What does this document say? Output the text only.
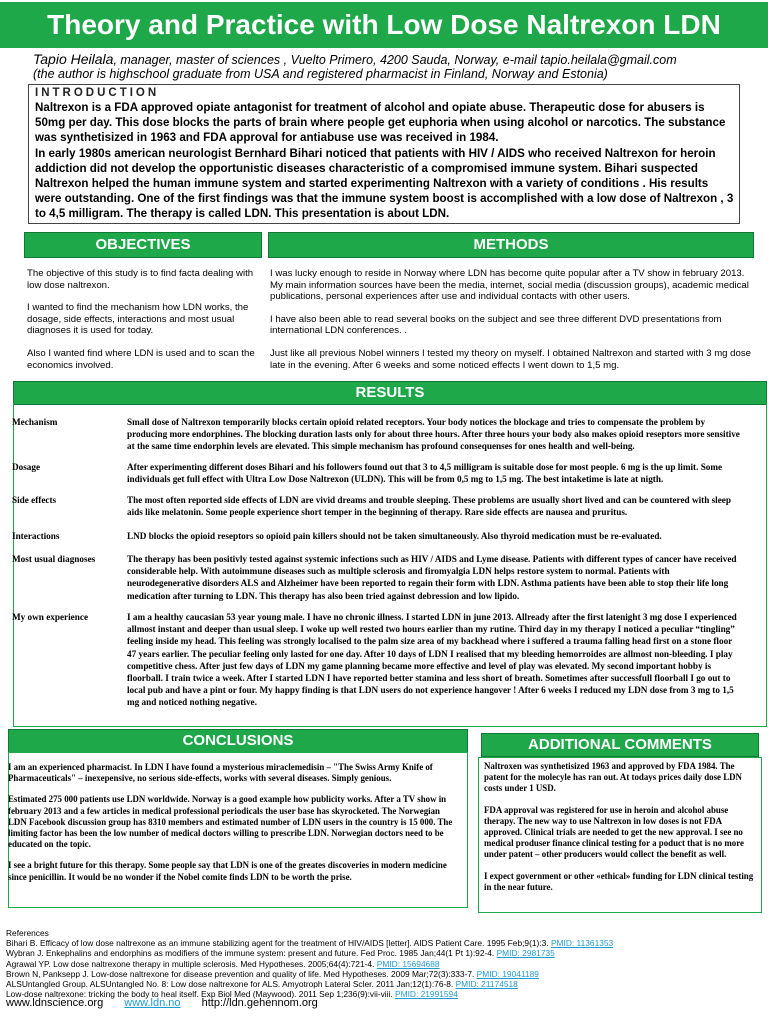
Theory and Practice with Low Dose Naltrexon LDN
Tapio Heilala, manager, master of sciences , Vuelto Primero, 4200 Sauda, Norway, e-mail tapio.heilala@gmail.com
(the author is highschool graduate from USA and registered pharmacist in Finland, Norway and Estonia)
INTRODUCTION

Naltrexon is a FDA approved opiate antagonist for treatment of alcohol and opiate abuse. Therapeutic dose for abusers is 50mg per day. This dose blocks the parts of brain where people get euphoria when using alcohol or narcotics. The substance was synthetisized in 1963 and FDA approval for antiabuse use was received in 1984.

In early 1980s american neurologist Bernhard Bihari noticed that patients with HIV / AIDS who received Naltrexon for heroin addiction did not develop the opportunistic diseases characteristic of a compromised immune system. Bihari suspected Naltrexon helped the human immune system and started experimenting Naltrexon with a variety of conditions . His results were outstanding. One of the first findings was that the immune system boost is accomplished with a low dose of Naltrexon , 3 to 4,5 milligram. The therapy is called LDN. This presentation is about LDN.

OBJECTIVES

The objective of this study is to find facta dealing with low dose naltrexon.

I wanted to find the mechanism how LDN works, the dosage, side effects, interactions and most usual diagnoses it is used for today.

Also I wanted find where LDN is used and to scan the economics involved.

METHODS

I was lucky enough to reside in Norway where LDN has become quite popular after a TV show in february 2013. My main information sources have been the media, internet, social media (discussion groups), academic medical publications, personal experiences after use and individual contacts with other users.

I have also been able to read several books on the subject and see three different DVD presentations from international LDN conferences. .

Just like all previous Nobel winners I tested my theory on myself. I obtained Naltrexon and started with 3 mg dose late in the evening. After 6 weeks and some noticed effects I went down to 1,5 mg.

RESULTS
Mechanism	Small dose of Naltrexon temporarily blocks certain opioid related receptors. Your body notices the blockage and tries to compensate the problem by producing more endorphines. The blocking duration lasts only for about three hours. After three hours your body also makes opioid reseptors more sensitive at the same time endorphin levels are elevated. This simple mechanism has profound consequenses for ones health and well-being.
Dosage	After experimenting different doses Bihari and his followers found out that 3 to 4,5 milligram is suitable dose for most people. 6 mg is the up limit. Some individuals get full effect with Ultra Low Dose Naltrexon (ULDN). This will be from 0,5 mg to 1,5 mg. The best intaketime is late at nigth.
Side effects	The most often reported side effects of LDN are vivid dreams and trouble sleeping. These problems are usually short lived and can be countered with sleep aids like melatonin. Some people experience short temper in the beginning of therapy. Rare side effects are nausea and pruritus.
Interactions	LND blocks the opioid reseptors so opioid pain killers should not be taken simultaneously. Also thyroid medication must be re-evaluated.
Most usual diagnoses	The therapy has been positivly tested against systemic infections such as HIV / AIDS and Lyme disease. Patients with different types of cancer have received considerable help. With autoimmune diseases such as multiple sclerosis and firomyalgia LDN helps restore system to normal. Patients with neurodegenerative disorders ALS and Alzheimer have been reported to regain their form with LDN. Asthma patients have been able to stop their life long medication after turning to LDN. This therapy has also been tried against debression and low lipido.
My own experience	I am a healthy caucasian 53 year young male. I have no chronic illness. I started LDN in june 2013. Allready after the first latenight 3 mg dose I experienced allmost instant and deeper than usual sleep. I woke up well rested two hours earlier than my rutine. Third day in my therapy I noticed a peculiar “tingling” feeling inside my head. This feeling was strongly localised to the palm size area of my backhead where i suffered a trauma falling head first on a stone floor 47 years earlier. The peculiar feeling only lasted for one day. After 10 days of LDN I realised that my bleeding hemorroides are allmost non-bleeding. I play competitive chess. After just few days of LDN my game planning became more effective and level of play was elevated. My second important hobby is floorball. I train twice a week. After I started LDN I have reported better stamina and less short of breath. Sometimes after successfull floorball I go out to local pub and have a pint or four. My happy finding is that LDN users do not experience hangover ! After 6 weeks I reduced my LDN dose from 3 mg to 1,5 mg and noticed nothing negative.
CONCLUSIONS

I am an experienced pharmacist. In LDN I have found a mysterious miraclemedisin – "The Swiss Army Knife of Pharmaceuticals" – inexepensive, no serious side-effects, works with several diseases. Simply genious.

Estimated 275 000 patients use LDN worldwide. Norway is a good example how publicity works. After a TV show in february 2013 and a few articles in medical professional periodicals the user base has skyrocketed. The Norwegian LDN Facebook discussion group has 8310 members and estimated number of LDN users in the country is 15 000. The limiting factor has been the low number of medical doctors willing to prescribe LDN. Norwegian doctors need to be educated on the topic.

I see a bright future for this therapy. Some people say that LDN is one of the greates discoveries in modern medicine since penicillin. It would be no wonder if the Nobel comite finds LDN to be worth the prise.

ADDITIONAL COMMENTS

Naltroxen was synthetisized 1963 and approved by FDA 1984. The patent for the molecyle has ran out. At todays prices daily dose LDN costs under 1 USD.

FDA approval was registered for use in heroin and alcohol abuse therapy. The new way to use Naltrexon in low doses is not FDA approved. Clinical trials are needed to get the new approval. I see no medical produser finance clinical testing for a poduct that is no more under patent – other producers would collect the benefit as well.

I expect government or other «ethical» funding for LDN clinical testing in the near future.

References
Bihari B. Efficacy of low dose naltrexone as an immune stabilizing agent for the treatment of HIV/AIDS [letter]. AIDS Patient Care. 1995 Feb;9(1):3. PMID: 11361353
Wybran J. Enkephalins and endorphins as modifiers of the immune system: present and future. Fed Proc. 1985 Jan;44(1 Pt 1):92-4. PMID: 2981735
Agrawal YP. Low dose naltrexone therapy in multiple sclerosis. Med Hypotheses. 2005;64(4):721-4. PMID: 15694688
Brown N, Panksepp J. Low-dose naltrexone for disease prevention and quality of life. Med Hypotheses. 2009 Mar;72(3):333-7. PMID: 19041189
ALSUntangled Group. ALSUntangled No. 8: Low dose naltrexone for ALS. Amyotroph Lateral Scler. 2011 Jan;12(1):76-8. PMID: 21174518
Low-dose naltrexone: tricking the body to heal itself. Exp Biol Med (Maywood). 2011 Sep 1;236(9):vii-viii. PMID: 21991594
www.ldnscience.org www.ldn.no http://ldn.gehennom.org
